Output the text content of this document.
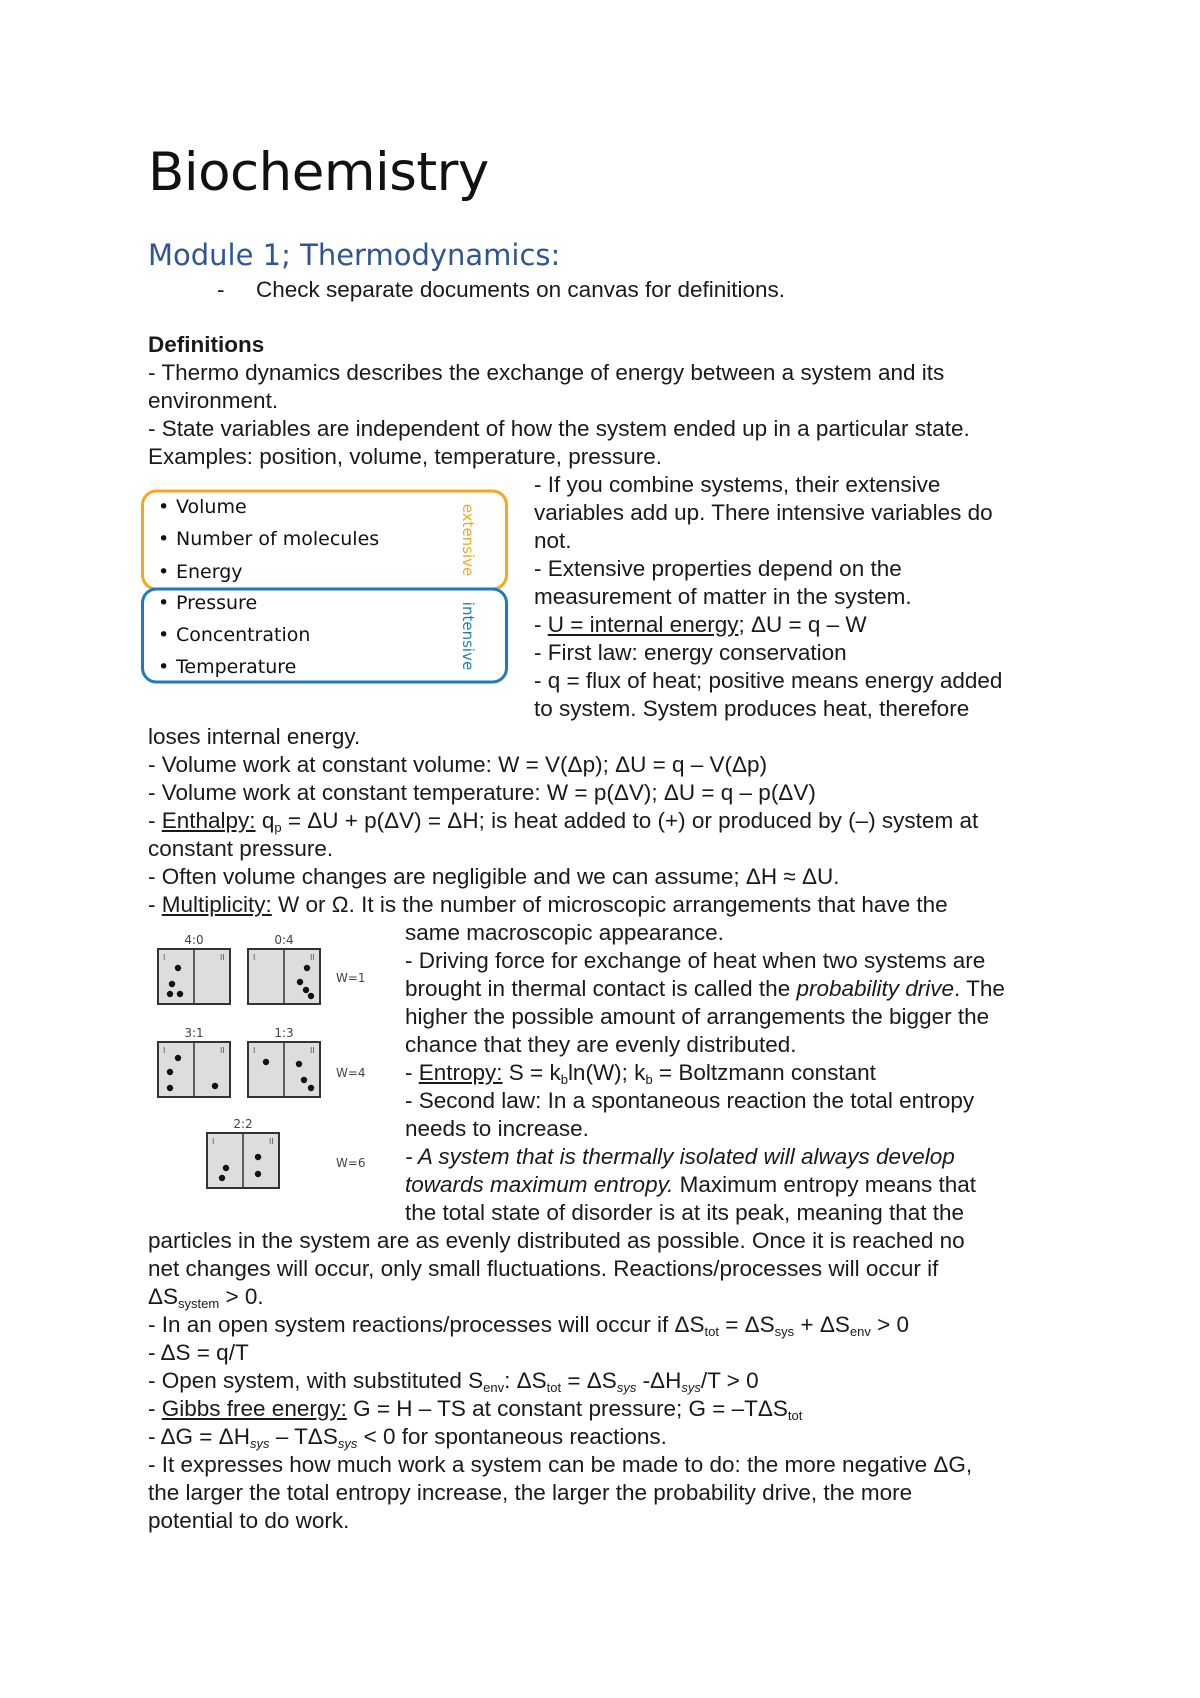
Biochemistry
Module 1; Thermodynamics:
- Check separate documents on canvas for definitions.
Definitions
- Thermo dynamics describes the exchange of energy between a system and its
environment.
- State variables are independent of how the system ended up in a particular state.
Examples: position, volume, temperature, pressure.
• Volume
• Number of molecules
• Energy
• Pressure
• Concentration
• Temperature
extensive
intensive
- If you combine systems, their extensive
variables add up. There intensive variables do
not.
- Extensive properties depend on the
measurement of matter in the system.
- U = internal energy; ΔU = q – W
- First law: energy conservation
- q = flux of heat; positive means energy added
to system. System produces heat, therefore
loses internal energy.
- Volume work at constant volume: W = V(Δp); ΔU = q – V(Δp)
- Volume work at constant temperature: W = p(ΔV); ΔU = q – p(ΔV)
- Enthalpy: $q_p = \Delta U + p(\Delta V) = \Delta H$; is heat added to (+) or produced by (–) system at
constant pressure.
- Often volume changes are negligible and we can assume; ΔH ≈ ΔU.
- Multiplicity: W or Ω. It is the number of microscopic arrangements that have the
4:0	0:4
3:1	1:3
2:2
W=1
W=4
W=6
I	II	I	II
I	II	I	II
I	II
same macroscopic appearance.
- Driving force for exchange of heat when two systems are
brought in thermal contact is called the probability drive. The
higher the possible amount of arrangements the bigger the
chance that they are evenly distributed.
- Entropy: $S = k_b\ln(W)$; $k_b$ = Boltzmann constant
- Second law: In a spontaneous reaction the total entropy
needs to increase.
- A system that is thermally isolated will always develop
towards maximum entropy. Maximum entropy means that
the total state of disorder is at its peak, meaning that the
particles in the system are as evenly distributed as possible. Once it is reached no
net changes will occur, only small fluctuations. Reactions/processes will occur if
$\Delta S_{system} > 0$.
- In an open system reactions/processes will occur if $\Delta S_{tot} = \Delta S_{sys} + \Delta S_{env} > 0$
- ΔS = q/T
- Open system, with substituted $S_{env}$: $\Delta S_{tot} = \Delta S_{sys}$ $-\Delta H_{sys}/T > 0$
- Gibbs free energy: G = H – TS at constant pressure; $G = -T\Delta S_{tot}$
- $\Delta G = \Delta H_{sys} - T\Delta S_{sys} < 0$ for spontaneous reactions.
- It expresses how much work a system can be made to do: the more negative ΔG,
the larger the total entropy increase, the larger the probability drive, the more
potential to do work.
